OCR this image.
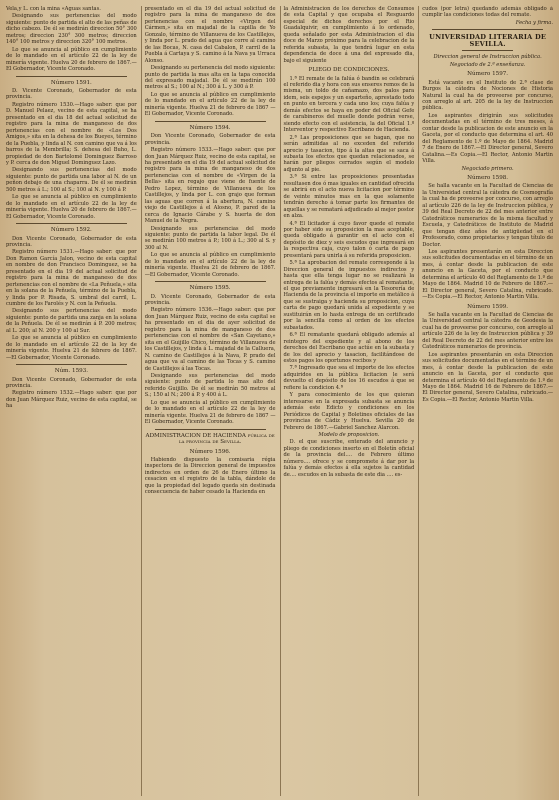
Vela,y L. con la mina «Aguas santas.

Designando sus pertenencias del modo siguiente: punto de partida el alto de las peñas de dicho cabezo. De él se medirán direccion 50° 300 metros; direccion 230° 300 metros; direccion 140° 100 metros y direccion 320° 100 metros.

Lo que se anuncia al público en cumplimiento de lo mandado en el artículo 22 de la ley de minería vigente. Huelva 20 de febrero de 1867.—El Gobernador, Vicente Coronado.

Número 1591.

D. Vicente Coronado, Gobernador de esta provincia.

Registro número 1530.—Hago saber: que por D. Manuel Pelaez, vecino de esta capital, se ha presentado en el dia 18 del actual solicitud de registro para la mina de manganeso de dos pertenencias con el nombre de «Los Dos Amigos,» sita en la dehesa de los Bueyes, término de la Puebla, y linda al N. con camino que va á los barros de la Membrilla; S. dehesa del Buho, L. propiedad de don Bartolomé Dominguez Barroso y P. cerca de don Miguel Dominguez Lazo.

Designando sus pertenencias del modo siguiente: punto de partida una labor al N. de un peñon debajo de una chaparra. De él se medirán 500 metros á L.; 100 al S.; 100 al N. y 100 á P.

Lo que se anuncia al público en cumplimiento de lo mandado en el artículo 22 de la ley de minería vigente. Huelva 20 de febrero de 1867.—El Gobernador, Vicente Coronado.

Número 1592.

Don Vicente Coronado, Gobernador de esta provincia.

Registro número 1531.—Hago saber: que por Don Ramon García Jalon, vecino de esta capital en nombre de don Francisco Dominguez, se ha presentado en el dia 19 del actual solicitud de registro para la mina de manganeso de dos pertenencias con el nombre de «La Peñuela,» sita en la solana de la Peñuela, término de la Puebla, y linda por P. Risada, S. umbral del carril, L. cumbre de los Farolés y N. con la Peñuela.

Designando sus pertenencias del modo siguiente: punto de partida una zanja en la solana de la Peñuela. De él se medirán á P. 200 metros; al L. 200; al N. 200 y 100 al Sur.

Lo que se anuncia al público en cumplimiento de lo mandado en el artículo 22 de la ley de minería vigente. Huelva 21 de febrero de 1867. —El Gobernador, Vicente Coronado.

Núm. 1593.

Don Vicente Coronado, Gobernador de esta provincia.

Registro número 1532.—Hago saber: que por don Juan Márquez Ruiz, vecino de esta capital, se ha

presentado en el dia 19 del actual solicitud de registro para la mina de manganeso de dos pertenencias con el nombre «Virgen del Cármen,» sita en majadal de la capilla de Yo Gonzalo, término de Villanueva de los Castillejos, y linda por L. prado del agua que corre al camino de las Bocas, N. casa del Cabalon, P. carril de la Puebla á Cartaya y S. camino á la Nava ya Urraca Alonso.

Designando su pertenencia del modo siguiente: punto de partida la mas alta en la tapa conocida del expresado majadal. De él se medirán 100 metros al S.; 100 al N.; 300 á L. y 300 á P.

Lo que se anuncia al público en cumplimiento de lo mandado en el artículo 22 de la ley de minería vigente. Huelva 21 de febrero de 1867 —El Gobernador, Vicente Coronado.

Número 1594.

Don Vicente Coronado, Gobernador de esta provincia.

Registro número 1533.—Hago saber: que por don Juan Márquez Ruiz, vecino de esta capital, se ha presentado en el dia 19 del actual solicitud de registro para la mina de manganeso de dos pertenencias con el nombre de «Virgen de la Bella» sita en regajo que viene de fuente de Pedro Lopez, término de Villanueva de los Castillejos, y linda por L. con grajo que forman las aguas que corren á la abertura, N. camino viejo de Castillejos á el Alosno, P. pared de la cerca de Ignacio Cárabe y S. huerta de don Manuel de la Negra.

Designando sus pertenencias del modo siguiente: punto de partida la labor legal. De él se medirán 100 metros á P.; 100 á L.; 300 al S. y 300 al N.

Lo que se anuncia al público en cumplimiento de lo mandado en el artículo 22 de la ley de minería vigente. Huelva 21 de febrero de 1867. —El Gobernador, Vicente Coronado.

Número 1595.

D. Vicente Coronado, Gobernador de esta provincia.

Registro número 1536.—Hago saber: que por don Juan Márquez Ruiz, vecino de esta capital se ha presentado en el dia de ayer solicitud de registro para la mina de manganeso de dos pertenencias con el nombre de «San Cayetano,» sita en el Guijillo Chico, término de Villanueva de los Castillejos, y linda á L. majadal de la Calluera, N. camino de Castillejos á la Nava, P. prado del agua que va al camino de las Tocas y S. camino de Castillejos á las Tocas.

Designando sus pertenencias del modo siguiente: punto de partida lo mas alto del referido Guijillo. De él se medirán 50 metros al S.; 150 al N.; 200 á P. y 400 á L.

Lo que se anuncia al público en cumplimiento de lo mandado en el artículo 22 de la ley de minería vigente. Huelva 21 de febrero de 1867 —El Gobernador, Vicente Coronado.

ADMINISTRACION DE HACIENDA pública de la provincia de Sevilla.
Número 1596.

Habiendo dispuesto la comisaria régia inspectora de la Direccion general de impuestos indirectos en orden de 26 de Enero último la cesacion en el registro de la tabla, dándole de que la propiedad del legado queda sin destinada consecuencia de haber cesado la Hacienda en

la Administracion de los derechos de Consumos de esta Capital y que ocupaba el Resguardo especial de dichos derechos por el Rio Guadalquivir, en cumplimiento á lo ordenado, queda señalado por esta Administracion el dia doce de Marzo próximo para la celebracion de la referida subasta, la que tendrá lugar en esta dependencia de doce á una del expresado dia, bajo el siguiente

PLIEGO DE CONDICIONES.

1.ª El remate de la falúa ó bandin se celebrará el referido dia y hora con sus enseres remos de la misma, un toldo de cañamazo, dos palos para idem, seis espejos y un esparteño, aprestado todo en punto en tercera y cada uno los; cuya falúa y demás efectos se haya en poder del Oficial Gefe de carabineros del muelle donde podrán verse, siendo efecto con el asistencia, la del Oficial 1.º Interventor y respectivo Escribano de Hacienda.

2.ª Las proposiciones que se hagan, que no serán admitidas al no exceden del referido aprecio y tasacion, tipo á la altas que se saca á subasta los efectos que quedan relacionados, se harán por pliegos cerrados según el modelo adjunto al pie.

3.ª Si entre las proposiciones presentadas resultasen dos ó mas iguales en cantidad ofrecida se abrirá en el acto nueva licitacion por término de veinte minutos mas en la que solamente tendrán derecho á tomar parte los firmantes de aquellas y se rematará adjudicado al mejor postor en alza.

4.ª El licitador á cuyo favor quede el remate por haber sido su proposicion la mas aceptable, queda obligado á garantir en el acto con el depósito de diez y seis escudos que ingresará en la respectiva caja, cuyo talon ó carta de pago presentará para unirla á su referida proposicion.

5.ª La aprobacion del remate corresponde á la Direccion general de impuestos indirectos y hasta que ella tenga lugar no se realizará la entrega de la falúa y demás efectos al rematante, el que previamente ingresará en la Tesorería de Hacienda de la provincia el importe en metálico á que se sustraiga y hacienda su proposicion, cuya carta de pago quedará unida al expediente y se sustituirán en lo hasta entrega de un certificado por la sencilla como al orden de los efectos subastados.

6.ª El rematante quedará obligado además al reintegro del expediente y al abono de los derechos del Escribano que actúe en la subasta y de los del aprecio y tasacion, facilitándose de estos pagos los oportunos recibos y

7.ª Ingresado que sea el importe de los efectos adquiridos en la pública licitacion le será devuelto el depósito de los 16 escudos á que se refiere la condicion 4.ª

Y para conocimiento de los que quieran interesarse en la expresada subasta se anuncia además este Edicto y condiciones en los Periódicos de Capital y Boletines oficiales de las provincias de Cádiz y Huelva. Sevilla 20 de Febrero de 1867.—Gabriel Sanchez Alarcon.

Modelo de proposicion.

D. el que suscribe, enterado del anuncio y pliego de condiciones inserto en el Boletín oficial de la provincia del.... de Febrero último número.... ofrece y se compromete á dar por la falúa y demás efectos á ella sujetos la cantidad de.... escudos en la subasta de este dia .... es-

cudos (por letra) quedando además obligado á cumplir las condiciones todas del remate.

Fecha y firma.

UNIVERSIDAD LITERARIA DE SEVILLA.
Direccion general de Instruccion pública.
Negociado de 2.ª enseñanza.
Número 1597.

Está vacante en el Instituto de 2.ª clase de Burgos la cátedra de Nociones de Historia Natural la cual ha de proveerse por concurso, con arreglo al art. 205 de la ley de Instruccion pública.

Los aspirantes dirigirán sus solicitudes documentadas en el término de tres meses, á contar desde la publicacion de este anuncio en la Gaceta, por el conducto que determina el art. 40 del Reglamento de 1.º de Mayo de 1864. Madrid 7 de Enero de 1867.—El Director general, Severo Catalina.—Es Copia.—El Rector, Antonio Martin Villa.

Negociado primero.
Número 1598.

Se halla vacante en la Facultad de Ciencias de la Universidad central la cátedra de Cosmografía la cual ha de proveerse por concurso, con arreglo al artículo 226 de la ley de Instruccion pública, y 39 del Real Decreto de 22 del mes anterior entre Catedráticos numerarios de la misma facultad y Escuela, y Catedráticos de Instituto de Madrid que tengan diez años de antigüedad en el Profesorado, como propietarios y tengan título de Doctor.

Los aspirantes presentarán en esta Direccion sus solicitudes documentadas en el término de un mes, á contar desde la publicacion de este anuncio en la Gaceta, por el conducto que determina el artículo 40 del Reglamento de 1.º de Mayo de 1864. Madrid 10 de Febrero de 1867.—El Director general, Severo Catalina, rubricado. —Es Copia.—El Rector, Antonio Martin Villa.

Número 1599.

Se halla vacante en la Facultad de Ciencias de la Universidad central la cátedra de Geodesia la cual ha de proveerse por concurso, con arreglo al artículo 226 de la ley de Instruccion pública y 39 del Real Decreto de 22 del mes anterior entre los Catedráticos numerarios de provincia.

Los aspirantes presentarán en esta Direccion sus solicitudes documentadas en el término de un mes, á contar desde la publicacion de este anuncio en la Gaceta, por el conducto que determina el artículo 40 del Reglamento de 1.º de Mayo de 1864. Madrid 16 de Febrero de 1867.—El Director general, Severo Catalina, rubricado.—Es Copia.—El Rector, Antonio Martin Villa.
